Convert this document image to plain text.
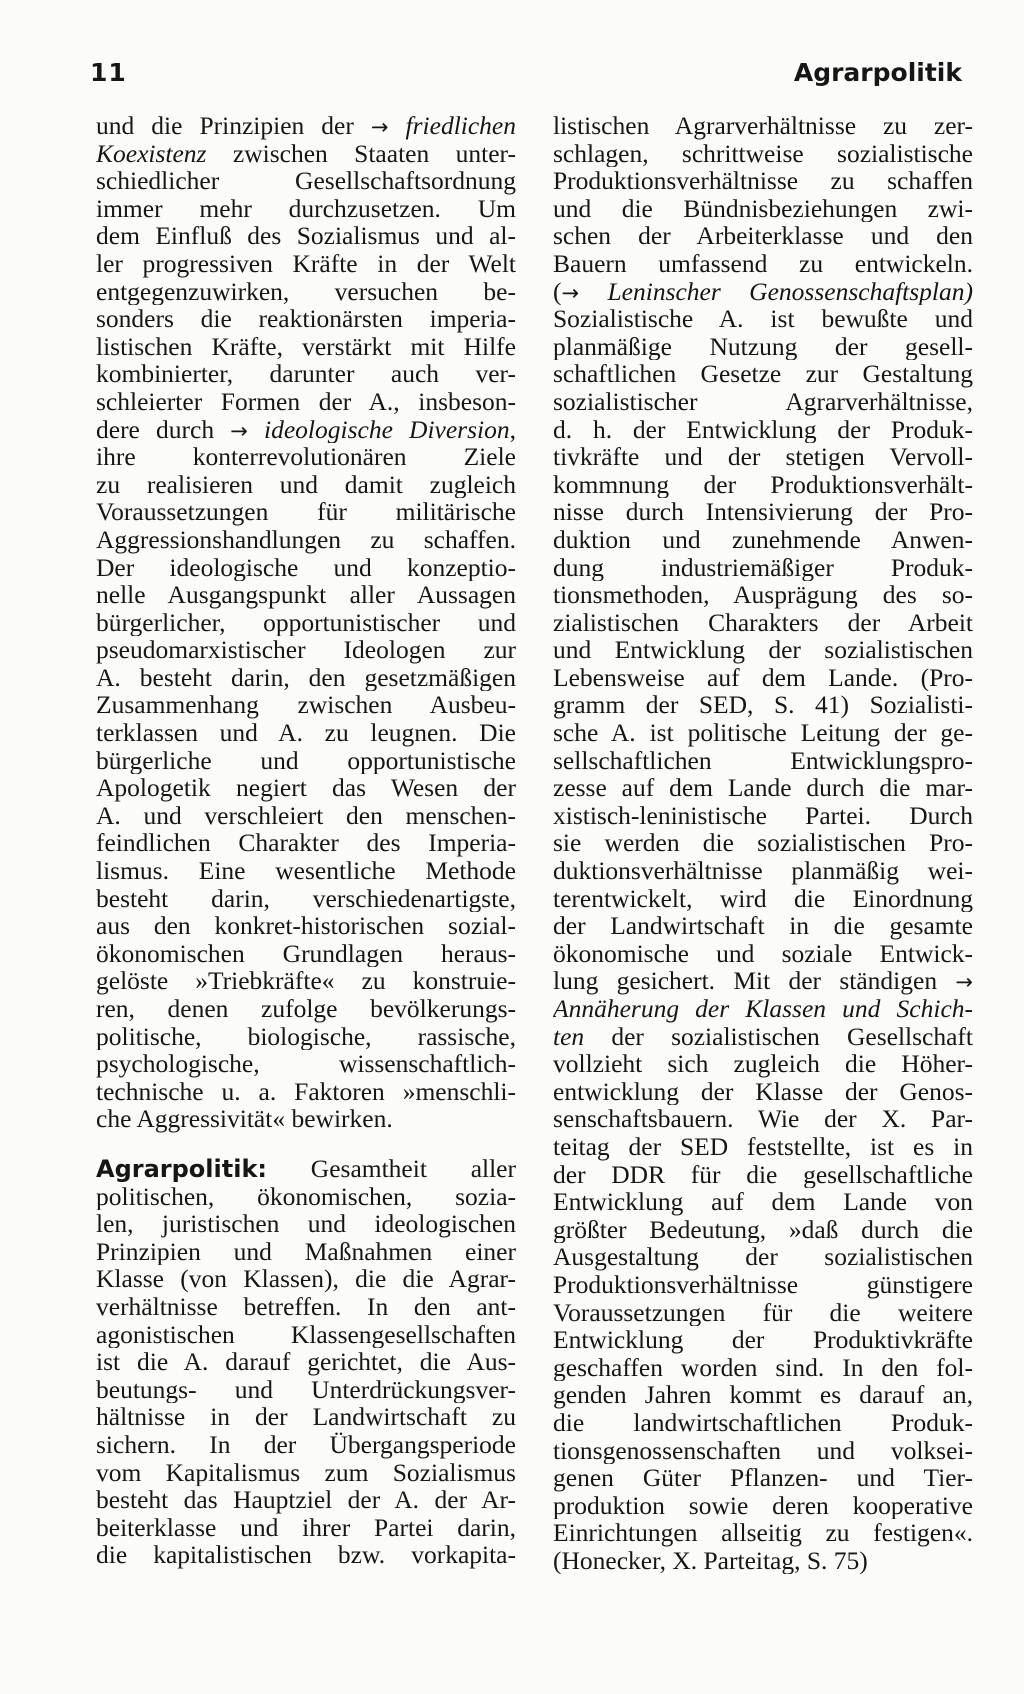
11	Agrarpolitik
und die Prinzipien der → friedlichen
Koexistenz zwischen Staaten unter-
schiedlicher Gesellschaftsordnung
immer mehr durchzusetzen. Um
dem Einfluß des Sozialismus und al-
ler progressiven Kräfte in der Welt
entgegenzuwirken, versuchen be-
sonders die reaktionärsten imperia-
listischen Kräfte, verstärkt mit Hilfe
kombinierter, darunter auch ver-
schleierter Formen der A., insbeson-
dere durch → ideologische Diversion,
ihre konterrevolutionären Ziele
zu realisieren und damit zugleich
Voraussetzungen für militärische
Aggressionshandlungen zu schaffen.
Der ideologische und konzeptio-
nelle Ausgangspunkt aller Aussagen
bürgerlicher, opportunistischer und
pseudomarxistischer Ideologen zur
A. besteht darin, den gesetzmäßigen
Zusammenhang zwischen Ausbeu-
terklassen und A. zu leugnen. Die
bürgerliche und opportunistische
Apologetik negiert das Wesen der
A. und verschleiert den menschen-
feindlichen Charakter des Imperia-
lismus. Eine wesentliche Methode
besteht darin, verschiedenartigste,
aus den konkret-historischen sozial-
ökonomischen Grundlagen heraus-
gelöste »Triebkräfte« zu konstruie-
ren, denen zufolge bevölkerungs-
politische, biologische, rassische,
psychologische, wissenschaftlich-
technische u. a. Faktoren »menschli-
che Aggressivität« bewirken.
Agrarpolitik: Gesamtheit aller
politischen, ökonomischen, sozia-
len, juristischen und ideologischen
Prinzipien und Maßnahmen einer
Klasse (von Klassen), die die Agrar-
verhältnisse betreffen. In den ant-
agonistischen Klassengesellschaften
ist die A. darauf gerichtet, die Aus-
beutungs- und Unterdrückungsver-
hältnisse in der Landwirtschaft zu
sichern. In der Übergangsperiode
vom Kapitalismus zum Sozialismus
besteht das Hauptziel der A. der Ar-
beiterklasse und ihrer Partei darin,
die kapitalistischen bzw. vorkapita-
listischen Agrarverhältnisse zu zer-
schlagen, schrittweise sozialistische
Produktionsverhältnisse zu schaffen
und die Bündnisbeziehungen zwi-
schen der Arbeiterklasse und den
Bauern umfassend zu entwickeln.
(→ Leninscher Genossenschaftsplan)
Sozialistische A. ist bewußte und
planmäßige Nutzung der gesell-
schaftlichen Gesetze zur Gestaltung
sozialistischer Agrarverhältnisse,
d. h. der Entwicklung der Produk-
tivkräfte und der stetigen Vervoll-
kommnung der Produktionsverhält-
nisse durch Intensivierung der Pro-
duktion und zunehmende Anwen-
dung industriemäßiger Produk-
tionsmethoden, Ausprägung des so-
zialistischen Charakters der Arbeit
und Entwicklung der sozialistischen
Lebensweise auf dem Lande. (Pro-
gramm der SED, S. 41) Sozialisti-
sche A. ist politische Leitung der ge-
sellschaftlichen Entwicklungspro-
zesse auf dem Lande durch die mar-
xistisch-leninistische Partei. Durch
sie werden die sozialistischen Pro-
duktionsverhältnisse planmäßig wei-
terentwickelt, wird die Einordnung
der Landwirtschaft in die gesamte
ökonomische und soziale Entwick-
lung gesichert. Mit der ständigen →
Annäherung der Klassen und Schich-
ten der sozialistischen Gesellschaft
vollzieht sich zugleich die Höher-
entwicklung der Klasse der Genos-
senschaftsbauern. Wie der X. Par-
teitag der SED feststellte, ist es in
der DDR für die gesellschaftliche
Entwicklung auf dem Lande von
größter Bedeutung, »daß durch die
Ausgestaltung der sozialistischen
Produktionsverhältnisse günstigere
Voraussetzungen für die weitere
Entwicklung der Produktivkräfte
geschaffen worden sind. In den fol-
genden Jahren kommt es darauf an,
die landwirtschaftlichen Produk-
tionsgenossenschaften und volksei-
genen Güter Pflanzen- und Tier-
produktion sowie deren kooperative
Einrichtungen allseitig zu festigen«.
(Honecker, X. Parteitag, S. 75)
